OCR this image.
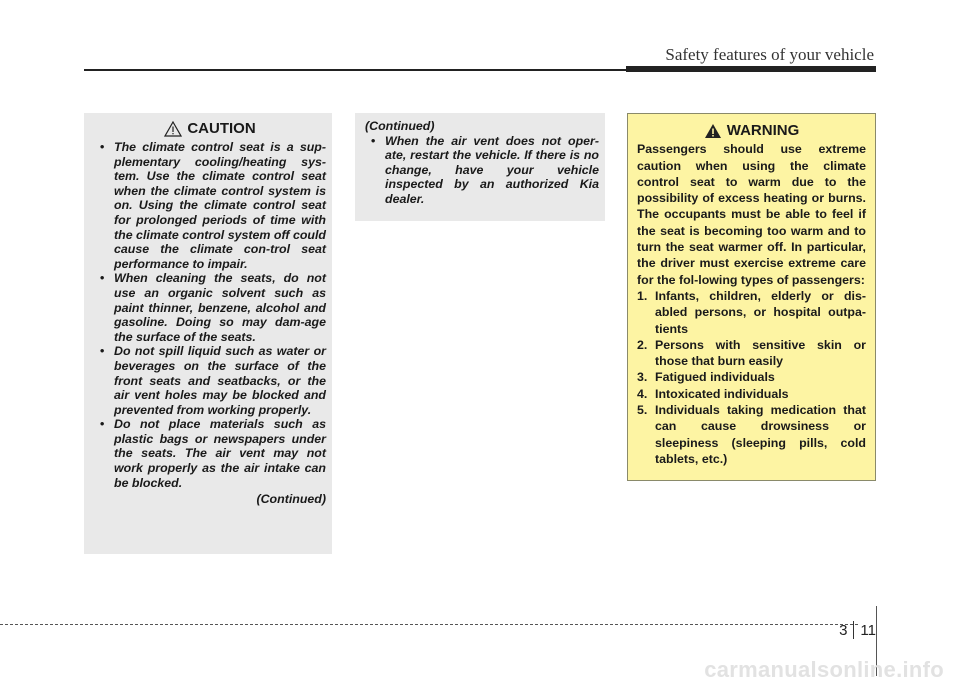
Safety features of your vehicle
CAUTION
• The climate control seat is a sup-plementary cooling/heating sys-tem. Use the climate control seat when the climate control system is on. Using the climate control seat for prolonged periods of time with the climate control system off could cause the climate con-trol seat performance to impair.
• When cleaning the seats, do not use an organic solvent such as paint thinner, benzene, alcohol and gasoline. Doing so may dam-age the surface of the seats.
• Do not spill liquid such as water or beverages on the surface of the front seats and seatbacks, or the air vent holes may be blocked and prevented from working properly.
• Do not place materials such as plastic bags or newspapers under the seats. The air vent may not work properly as the air intake can be blocked.
(Continued)
(Continued)
• When the air vent does not oper-ate, restart the vehicle. If there is no change, have your vehicle inspected by an authorized Kia dealer.
WARNING
Passengers should use extreme caution when using the climate control seat to warm due to the possibility of excess heating or burns. The occupants must be able to feel if the seat is becoming too warm and to turn the seat warmer off. In particular, the driver must exercise extreme care for the fol-lowing types of passengers:
1. Infants, children, elderly or dis-abled persons, or hospital outpa-tients
2. Persons with sensitive skin or those that burn easily
3. Fatigued individuals
4. Intoxicated individuals
5. Individuals taking medication that can cause drowsiness or sleepiness (sleeping pills, cold tablets, etc.)
3 11
carmanualsonline.info
